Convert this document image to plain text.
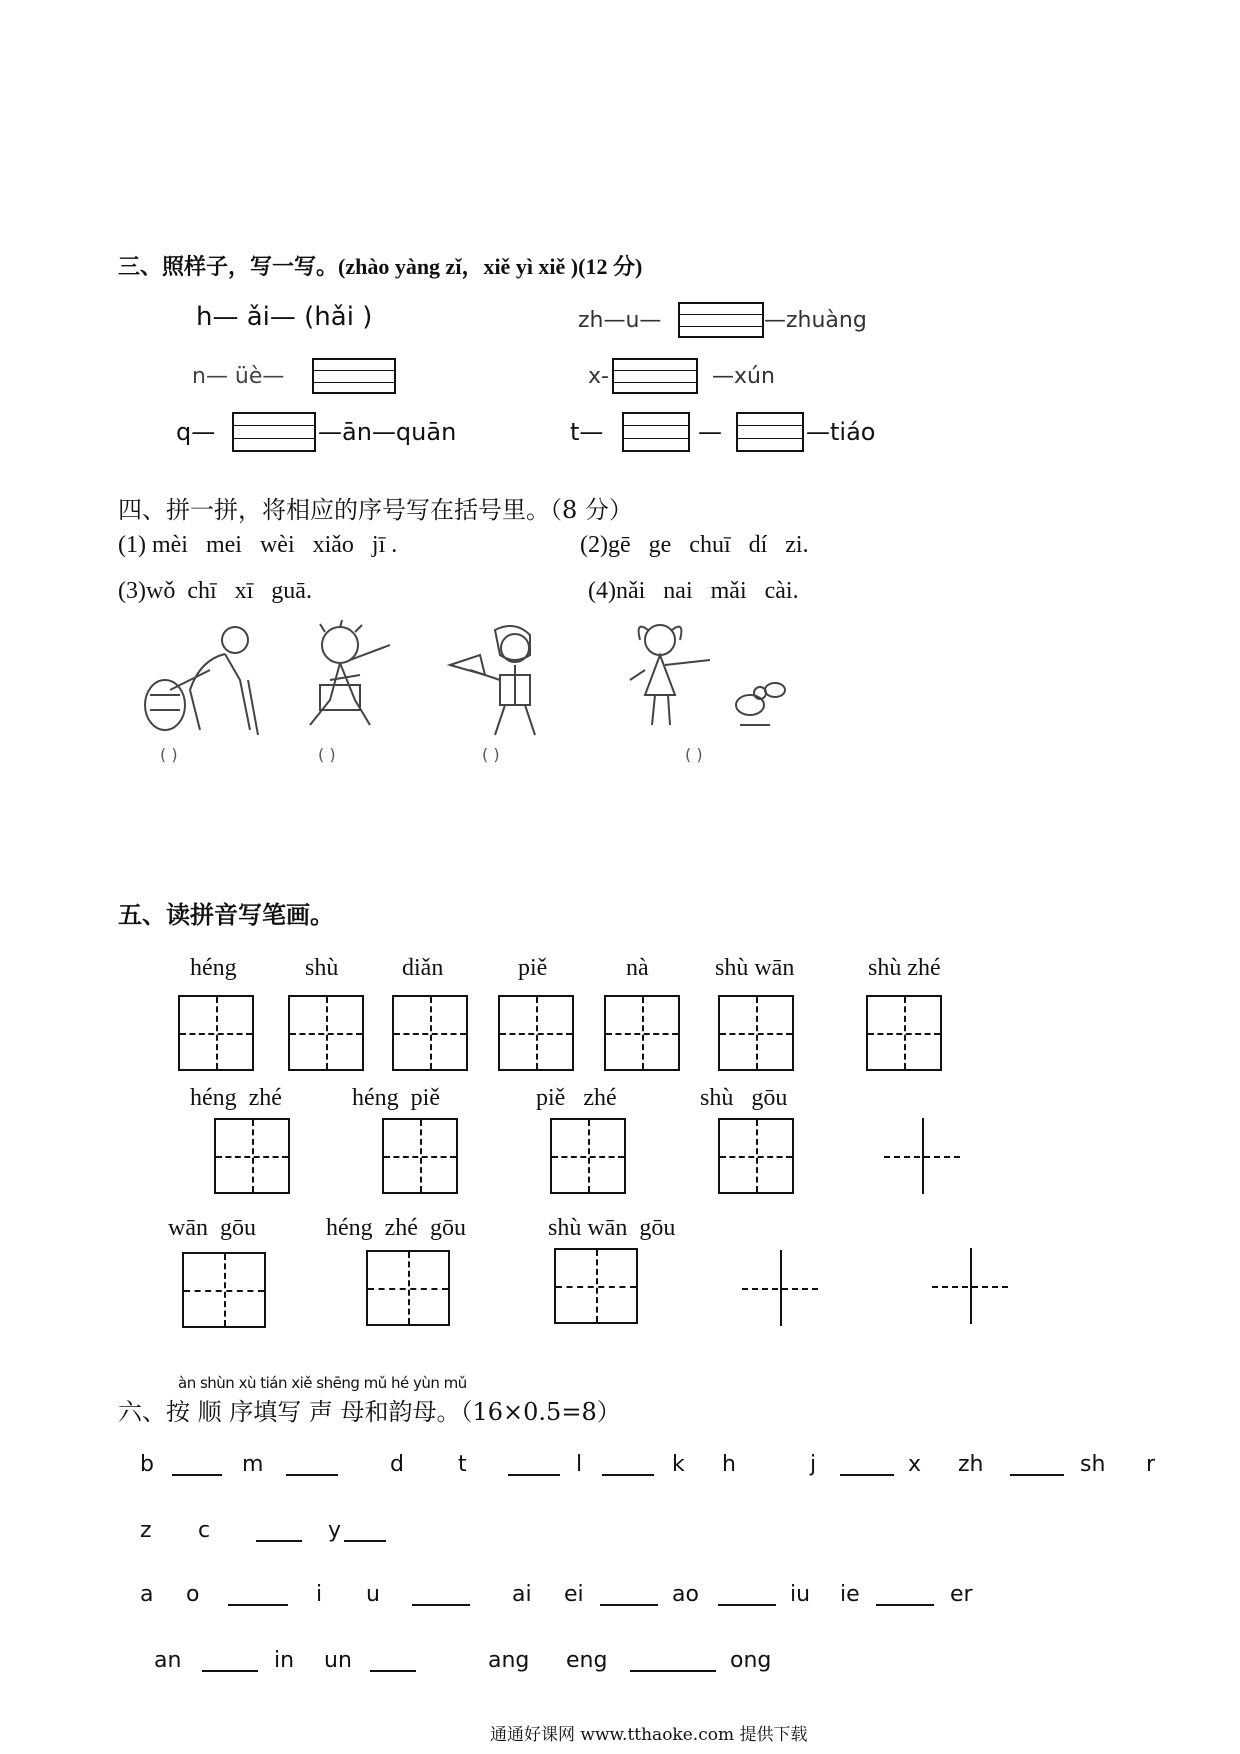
三、照样子，写一写。(zhào yàng zǐ，xiě yì xiě )(12 分)
h— ǎi— (hǎi )	zh—u—	—zhuàng
n— üè—	x-	—xún
q—	—ān—quān	t—	—	—tiáo
四、拼一拼，将相应的序号写在括号里。（8 分）
(1) mèi   mei   wèi   xiǎo   jī .	(2)gē   ge   chuī   dí   zi.
(3)wǒ  chī   xī   guā.	(4)nǎi   nai   mǎi   cài.
( )	( )	( )	( )
五、读拼音写笔画。
héng	shù	diǎn	piě	nà	shù wān	shù zhé
héng  zhé	héng  piě	piě   zhé	shù   gōu
wān  gōu	héng  zhé  gōu	shù wān  gōu
àn shùn xù tián xiě shēng mǔ hé yùn mǔ
六、按 顺 序填写 声 母和韵母。（16×0.5=8）
b	m	d t	l	k h	j	x zh	sh r
z c	y
a o	i u	ai ei	ao	iu ie	er
an	in un	ang eng	ong
通通好课网 www.tthaoke.com 提供下载
